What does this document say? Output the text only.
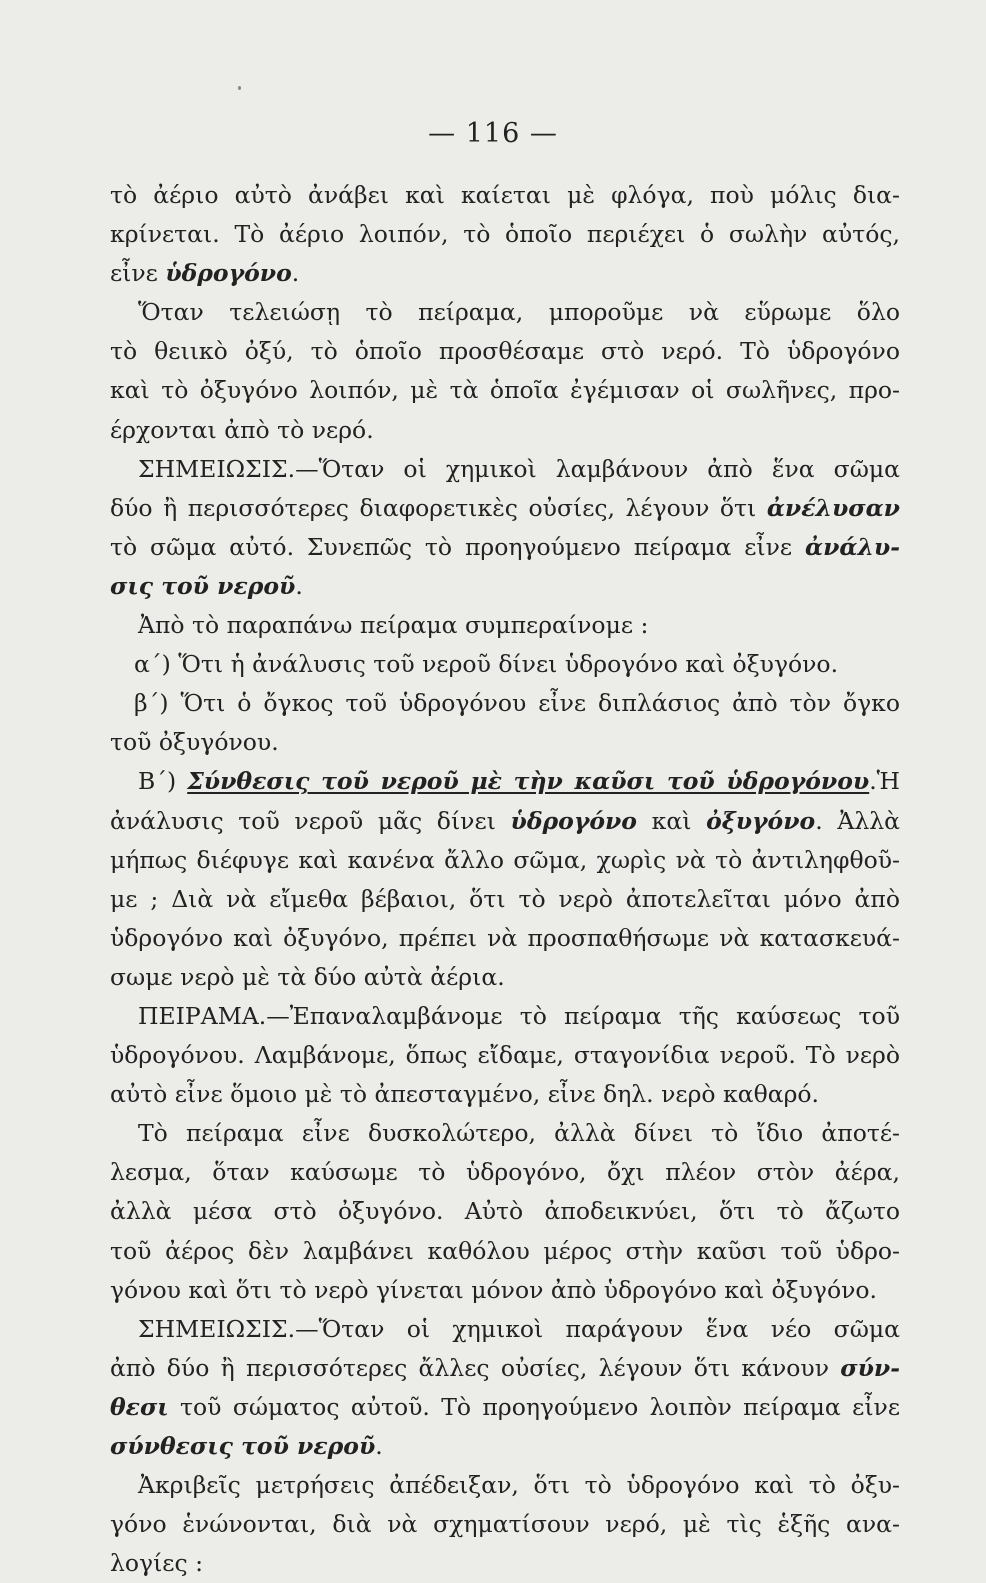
— 116 —
τὸ ἀέριο αὐτὸ ἀνάβει καὶ καίεται μὲ φλόγα, ποὺ μόλις δια-
κρίνεται. Τὸ ἀέριο λοιπόν, τὸ ὁποῖο περιέχει ὁ σωλὴν αὐτός,
εἶνε ὑδρογόνο.
Ὅταν τελειώσῃ τὸ πείραμα, μποροῦμε νὰ εὕρωμε ὅλο
τὸ θειικὸ ὀξύ, τὸ ὁποῖο προσθέσαμε στὸ νερό. Τὸ ὑδρογόνο
καὶ τὸ ὀξυγόνο λοιπόν, μὲ τὰ ὁποῖα ἐγέμισαν οἱ σωλῆνες, προ-
έρχονται ἀπὸ τὸ νερό.
ΣΗΜΕΙΩΣΙΣ.—Ὅταν οἱ χημικοὶ λαμβάνουν ἀπὸ ἕνα σῶμα
δύο ἢ περισσότερες διαφορετικὲς οὐσίες, λέγουν ὅτι ἀνέλυσαν
τὸ σῶμα αὐτό. Συνεπῶς τὸ προηγούμενο πείραμα εἶνε ἀνάλυ-
σις τοῦ νεροῦ.
Ἀπὸ τὸ παραπάνω πείραμα συμπεραίνομε :
α΄) Ὅτι ἡ ἀνάλυσις τοῦ νεροῦ δίνει ὑδρογόνο καὶ ὀξυγόνο.
β΄) Ὅτι ὁ ὄγκος τοῦ ὑδρογόνου εἶνε διπλάσιος ἀπὸ τὸν ὄγκο
τοῦ ὀξυγόνου.
Β΄) Σύνθεσις τοῦ νεροῦ μὲ τὴν καῦσι τοῦ ὑδρογόνου.Ἡ
ἀνάλυσις τοῦ νεροῦ μᾶς δίνει ὑδρογόνο καὶ ὀξυγόνο. Ἀλλὰ
μήπως διέφυγε καὶ κανένα ἄλλο σῶμα, χωρὶς νὰ τὸ ἀντιληφθοῦ-
με ; Διὰ νὰ εἴμεθα βέβαιοι, ὅτι τὸ νερὸ ἀποτελεῖται μόνο ἀπὸ
ὑδρογόνο καὶ ὀξυγόνο, πρέπει νὰ προσπαθήσωμε νὰ κατασκευά-
σωμε νερὸ μὲ τὰ δύο αὐτὰ ἀέρια.
ΠΕΙΡΑΜΑ.—Ἐπαναλαμβάνομε τὸ πείραμα τῆς καύσεως τοῦ
ὑδρογόνου. Λαμβάνομε, ὅπως εἴδαμε, σταγονίδια νεροῦ. Τὸ νερὸ
αὐτὸ εἶνε ὅμοιο μὲ τὸ ἀπεσταγμένο, εἶνε δηλ. νερὸ καθαρό.
Τὸ πείραμα εἶνε δυσκολώτερο, ἀλλὰ δίνει τὸ ἴδιο ἀποτέ-
λεσμα, ὅταν καύσωμε τὸ ὑδρογόνο, ὄχι πλέον στὸν ἀέρα,
ἀλλὰ μέσα στὸ ὀξυγόνο. Αὐτὸ ἀποδεικνύει, ὅτι τὸ ἄζωτο
τοῦ ἀέρος δὲν λαμβάνει καθόλου μέρος στὴν καῦσι τοῦ ὑδρο-
γόνου καὶ ὅτι τὸ νερὸ γίνεται μόνον ἀπὸ ὑδρογόνο καὶ ὀξυγόνο.
ΣΗΜΕΙΩΣΙΣ.—Ὅταν οἱ χημικοὶ παράγουν ἕνα νέο σῶμα
ἀπὸ δύο ἢ περισσότερες ἄλλες οὐσίες, λέγουν ὅτι κάνουν σύν-
θεσι τοῦ σώματος αὐτοῦ. Τὸ προηγούμενο λοιπὸν πείραμα εἶνε
σύνθεσις τοῦ νεροῦ.
Ἀκριβεῖς μετρήσεις ἀπέδειξαν, ὅτι τὸ ὑδρογόνο καὶ τὸ ὀξυ-
γόνο ἑνώνονται, διὰ νὰ σχηματίσουν νερό, μὲ τὶς ἑξῆς ανα-
λογίες :
